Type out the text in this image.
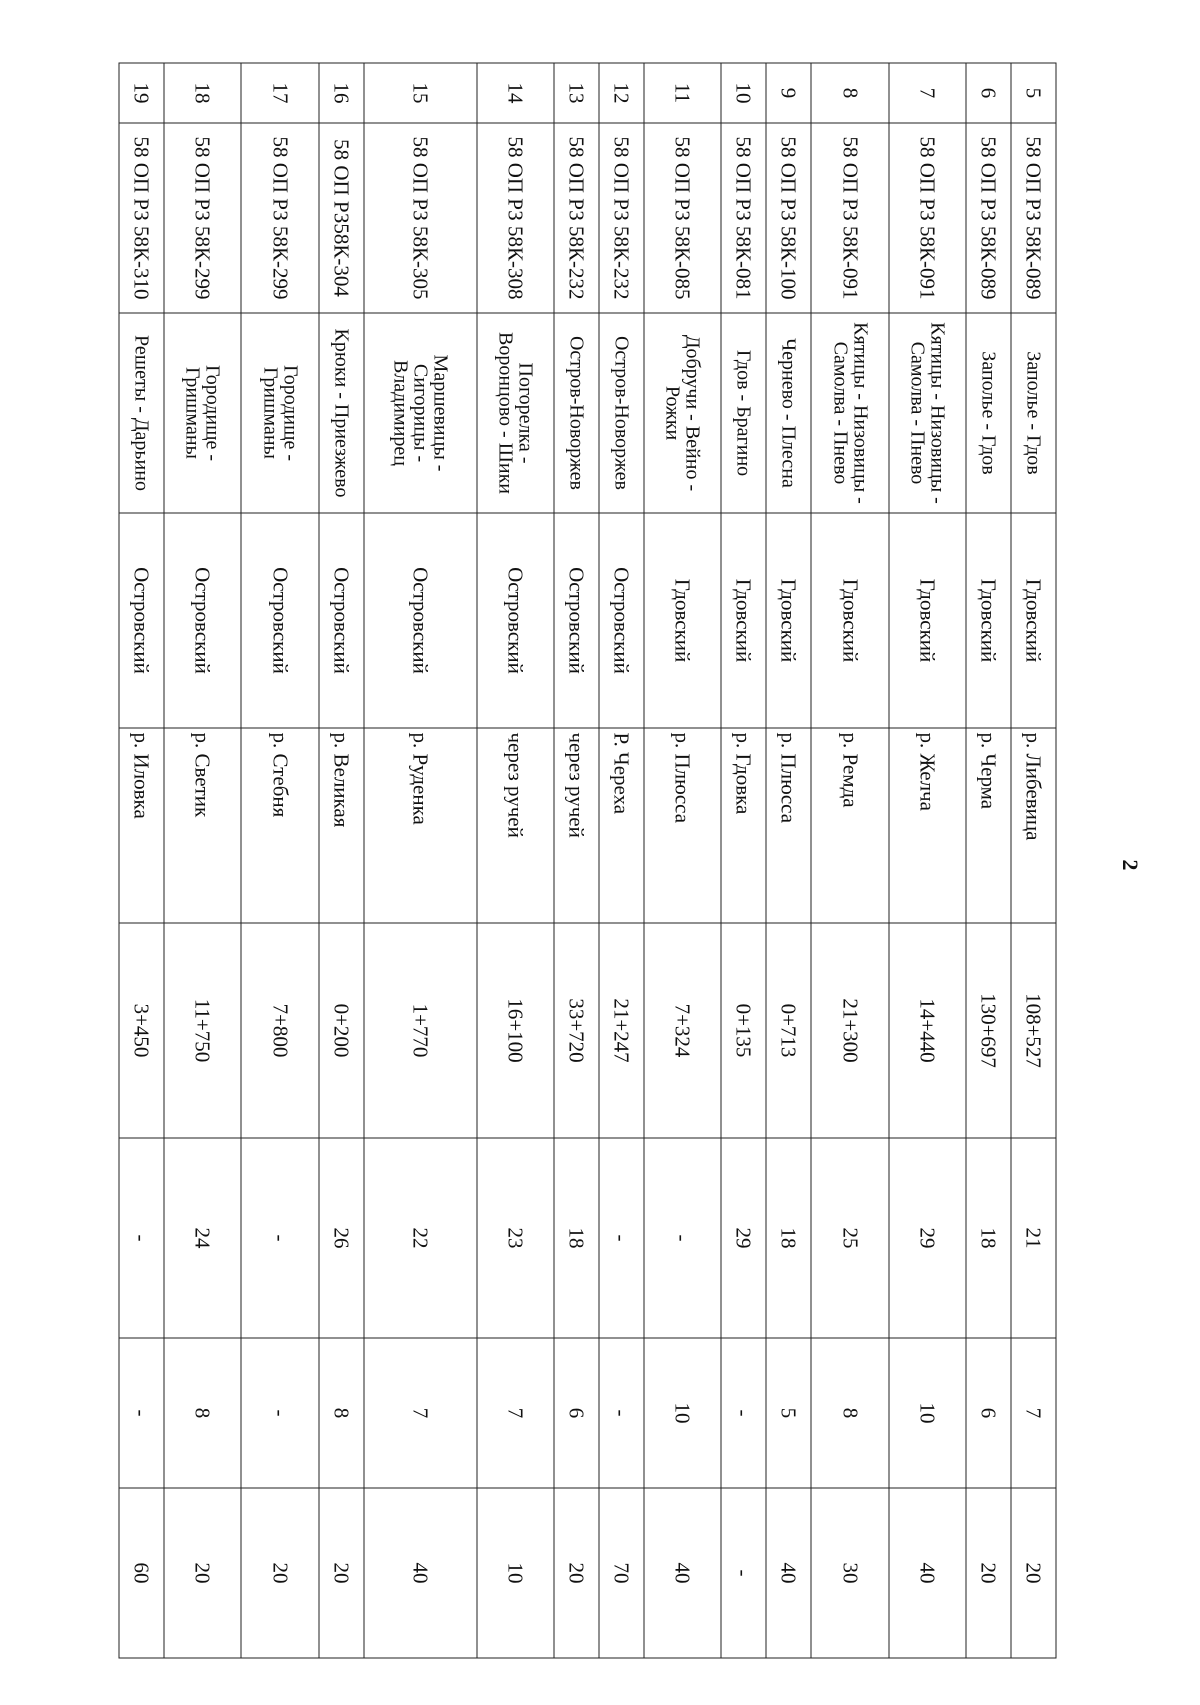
2
5	58 ОП РЗ 58К-089	Заполье - Гдов	Гдовский	р. Либевица	108+527	21	7	20
6	58 ОП РЗ 58К-089	Заполье - Гдов	Гдовский	р. Черма	130+697	18	6	20
7	58 ОП РЗ 58К-091	Кятицы - Низовицы - Самолва - Пнево	Гдовский	р. Желча	14+440	29	10	40
8	58 ОП РЗ 58К-091	Кятицы - Низовицы - Самолва - Пнево	Гдовский	р. Ремда	21+300	25	8	30
9	58 ОП РЗ 58К-100	Чернево - Плесна	Гдовский	р. Плюсса	0+713	18	5	40
10	58 ОП РЗ 58К-081	Гдов - Брагино	Гдовский	р. Гдовка	0+135	29	-	-
11	58 ОП РЗ 58К-085	Добручи - Вейно - Рожки	Гдовский	р. Плюсса	7+324	-	10	40
12	58 ОП РЗ 58К-232	Остров-Новоржев	Островский	Р. Череха	21+247	-	-	70
13	58 ОП РЗ 58К-232	Остров-Новоржев	Островский	через ручей	33+720	18	6	20
14	58 ОП РЗ 58К-308	Погорелка - Воронцово - Шики	Островский	через ручей	16+100	23	7	10
15	58 ОП РЗ 58К-305	Маршевицы - Сигорицы - Владимирец	Островский	р. Руденка	1+770	22	7	40
16	58 ОП РЗ58К-304	Крюки - Приезжево	Островский	р. Великая	0+200	26	8	20
17	58 ОП РЗ 58К-299	Городище - Гришманы	Островский	р. Стебня	7+800	-	-	20
18	58 ОП РЗ 58К-299	Городище - Гришманы	Островский	р. Светик	11+750	24	8	20
19	58 ОП РЗ 58К-310	Решеты - Дарьино	Островский	р. Иловка	3+450	-	-	60
